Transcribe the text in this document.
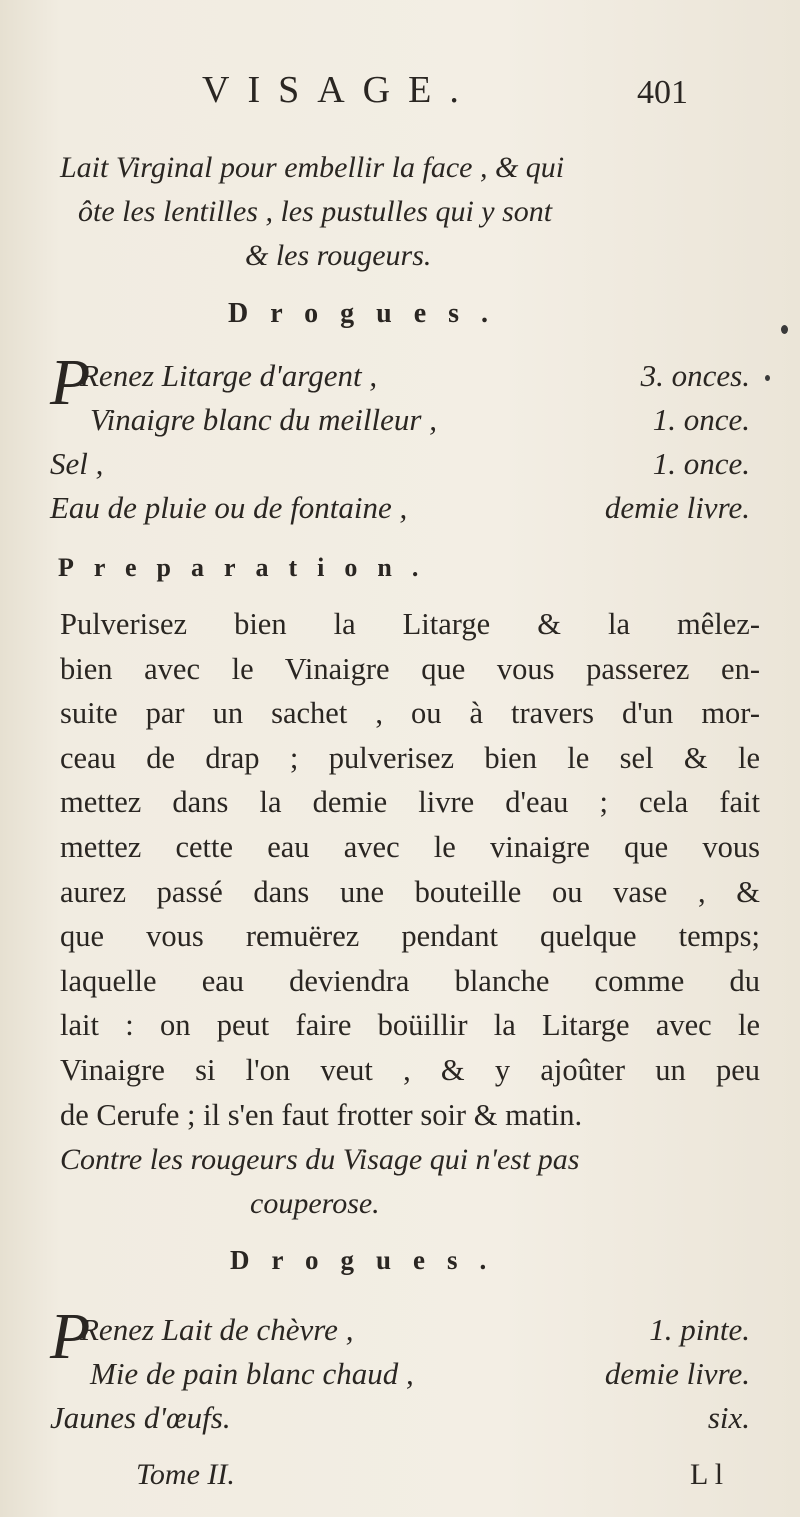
VISAGE.	401
Lait Virginal pour embellir la face , & qui
ôte les lentilles , les pustulles qui y sont
& les rougeurs.
Drogues.
P
Renez Litarge d'argent ,	3. onces.
Vinaigre blanc du meilleur ,	1. once.
Sel ,	1. once.
Eau de pluie ou de fontaine ,	demie livre.
Preparation.
Pulverisez bien la Litarge & la mêlez-
bien avec le Vinaigre que vous passerez en-
suite par un sachet , ou à travers d'un mor-
ceau de drap ; pulverisez bien le sel & le
mettez dans la demie livre d'eau ; cela fait
mettez cette eau avec le vinaigre que vous
aurez passé dans une bouteille ou vase , &
que vous remuërez pendant quelque temps;
laquelle eau deviendra blanche comme du
lait : on peut faire boüillir la Litarge avec le
Vinaigre si l'on veut , & y ajoûter un peu
de Cerufe ; il s'en faut frotter soir & matin.
Contre les rougeurs du Visage qui n'est pas
couperose.
Drogues.
P
Renez Lait de chèvre ,	1. pinte.
Mie de pain blanc chaud ,	demie livre.
Jaunes d'œufs.	six.
Tome II.	L l
